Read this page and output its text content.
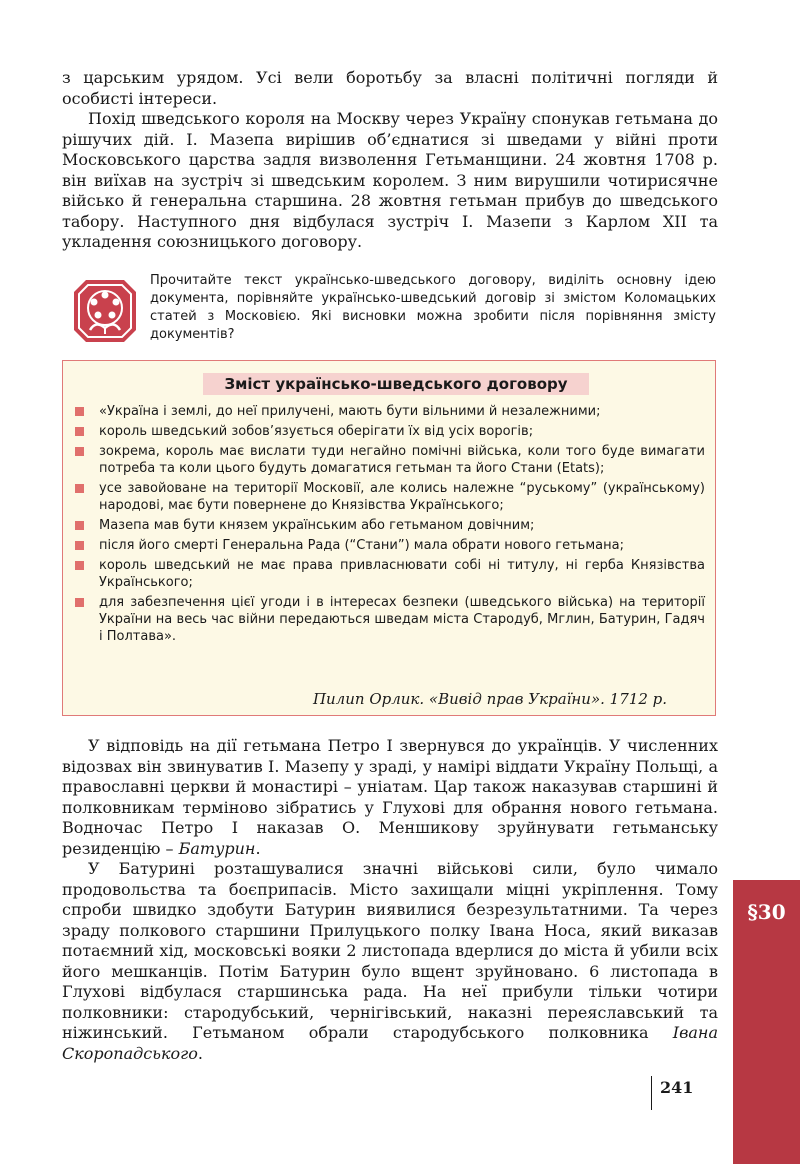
з царським урядом. Усі вели боротьбу за власні політичні погляди й особисті інтереси.

Похід шведського короля на Москву через Україну спонукав гетьмана до рішучих дій. І. Мазепа вирішив об’єднатися зі шведами у війні проти Московського царства задля визволення Гетьманщини. 24 жовтня 1708 р. він виїхав на зустріч зі шведським королем. З ним вирушили чотирисячне військо й генеральна старшина. 28 жовтня гетьман прибув до шведського табору. Наступного дня відбулася зустріч І. Мазепи з Карлом XII та укладення союзницького договору.

Прочитайте текст українсько-шведського договору, виділіть основну ідею документа, порівняйте українсько-шведський договір зі змістом Коломацьких статей з Московією. Які висновки можна зробити після порівняння змісту документів?
Зміст українсько-шведського договору
«Україна і землі, до неї прилучені, мають бути вільними й незалежними;
король шведський зобов’язується оберігати їх від усіх ворогів;
зокрема, король має вислати туди негайно помічні війська, коли того буде вимагати потреба та коли цього будуть домагатися гетьман та його Стани (Etats);
усе завойоване на території Московії, але колись належне “руському” (українському) народові, має бути повернене до Князівства Українського;
Мазепа мав бути князем українським або гетьманом довічним;
після його смерті Генеральна Рада (“Стани”) мала обрати нового гетьмана;
король шведський не має права привласнювати собі ні титулу, ні герба Князівства Українського;
для забезпечення цієї угоди і в інтересах безпеки (шведського війська) на території України на весь час війни передаються шведам міста Стародуб, Мглин, Батурин, Гадяч і Полтава».
Пилип Орлик. «Вивід прав України». 1712 р.

У відповідь на дії гетьмана Петро І звернувся до українців. У численних відозвах він звинуватив І. Мазепу у зраді, у намірі віддати Україну Польщі, а православні церкви й монастирі – уніатам. Цар також наказував старшині й полковникам терміново зібратись у Глухові для обрання нового гетьмана. Водночас Петро І наказав О. Меншикову зруйнувати гетьманську резиденцію – Батурин.

У Батурині розташувалися значні військові сили, було чимало продовольства та боєприпасів. Місто захищали міцні укріплення. Тому спроби швидко здобути Батурин виявилися безрезультатними. Та через зраду полкового старшини Прилуцького полку Івана Носа, який виказав потаємний хід, московські вояки 2 листопада вдерлися до міста й убили всіх його мешканців. Потім Батурин було вщент зруйновано. 6 листопада в Глухові відбулася старшинська рада. На неї прибули тільки чотири полковники: стародубський, чернігівський, наказні переяславський та ніжинський. Гетьманом обрали стародубського полковника Івана Скоропадського.

§30
241
